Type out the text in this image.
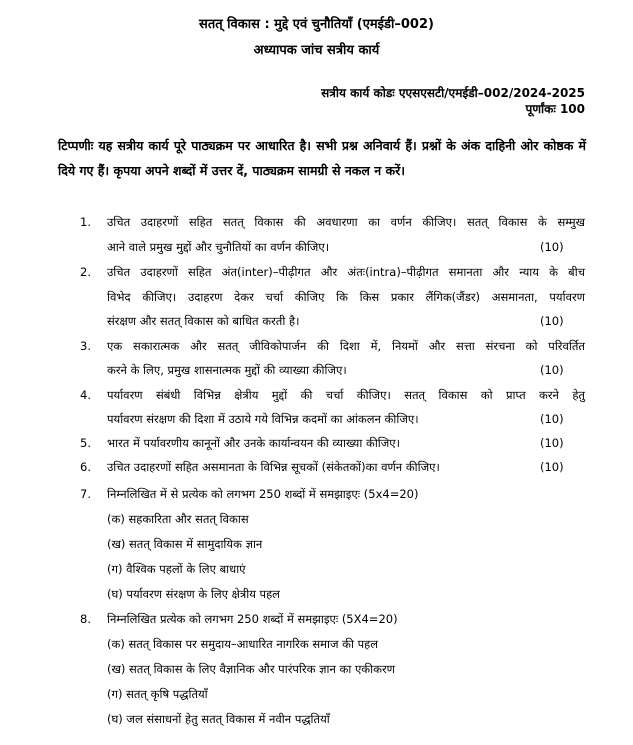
सतत् विकास : मुद्दे एवं चुनौतियाँ (एमईडी–002)
अध्यापक जांच सत्रीय कार्य
सत्रीय कार्य कोडः एएसएसटी/एमईडी–002/2024-2025
पूर्णांकः 100
टिप्पणीः यह सत्रीय कार्य पूरे पाठ्यक्रम पर आधारित है। सभी प्रश्न अनिवार्य हैं। प्रश्नों के अंक दाहिनी ओर कोष्ठक में दिये गए हैं। कृपया अपने शब्दों में उत्तर दें, पाठ्यक्रम सामग्री से नकल न करें।
1. उचित उदाहरणों सहित सतत् विकास की अवधारणा का वर्णन कीजिए। सतत् विकास के सम्मुख
आने वाले प्रमुख मुद्दों और चुनौतियों का वर्णन कीजिए।	(10)
2. उचित उदाहरणों सहित अंत(inter)–पीढ़ीगत और अंतः(intra)–पीढ़ीगत समानता और न्याय के बीच
विभेद कीजिए। उदाहरण देकर चर्चा कीजिए कि किस प्रकार लैंगिक(जैंडर) असमानता, पर्यावरण
संरक्षण और सतत् विकास को बाधित करती है।	(10)
3. एक सकारात्मक और सतत् जीविकोपार्जन की दिशा में, नियमों और सत्ता संरचना को परिवर्तित
करने के लिए, प्रमुख शासनात्मक मुद्दों की व्याख्या कीजिए।	(10)
4. पर्यावरण संबंधी विभिन्न क्षेत्रीय मुद्दों की चर्चा कीजिए। सतत् विकास को प्राप्त करने हेतु
पर्यावरण संरक्षण की दिशा में उठाये गये विभिन्न कदमों का आंकलन कीजिए।	(10)
5. भारत में पर्यावरणीय कानूनों और उनके कार्यान्वयन की व्याख्या कीजिए।	(10)
6. उचित उदाहरणों सहित असमानता के विभिन्न सूचकों (संकेतकों)का वर्णन कीजिए।	(10)
7. निम्नलिखित में से प्रत्येक को लगभग 250 शब्दों में समझाइएः (5x4=20)
(क) सहकारिता और सतत् विकास
(ख) सतत् विकास में सामुदायिक ज्ञान
(ग) वैश्विक पहलों के लिए बाधाएं
(घ) पर्यावरण संरक्षण के लिए क्षेत्रीय पहल
8. निम्नलिखित प्रत्येक को लगभग 250 शब्दों में समझाइएः (5X4=20)
(क) सतत् विकास पर समुदाय–आधारित नागरिक समाज की पहल
(ख) सतत् विकास के लिए वैज्ञानिक और पारंपरिक ज्ञान का एकीकरण
(ग) सतत् कृषि पद्धतियाँ
(घ) जल संसाधनों हेतु सतत् विकास में नवीन पद्धतियाँ
